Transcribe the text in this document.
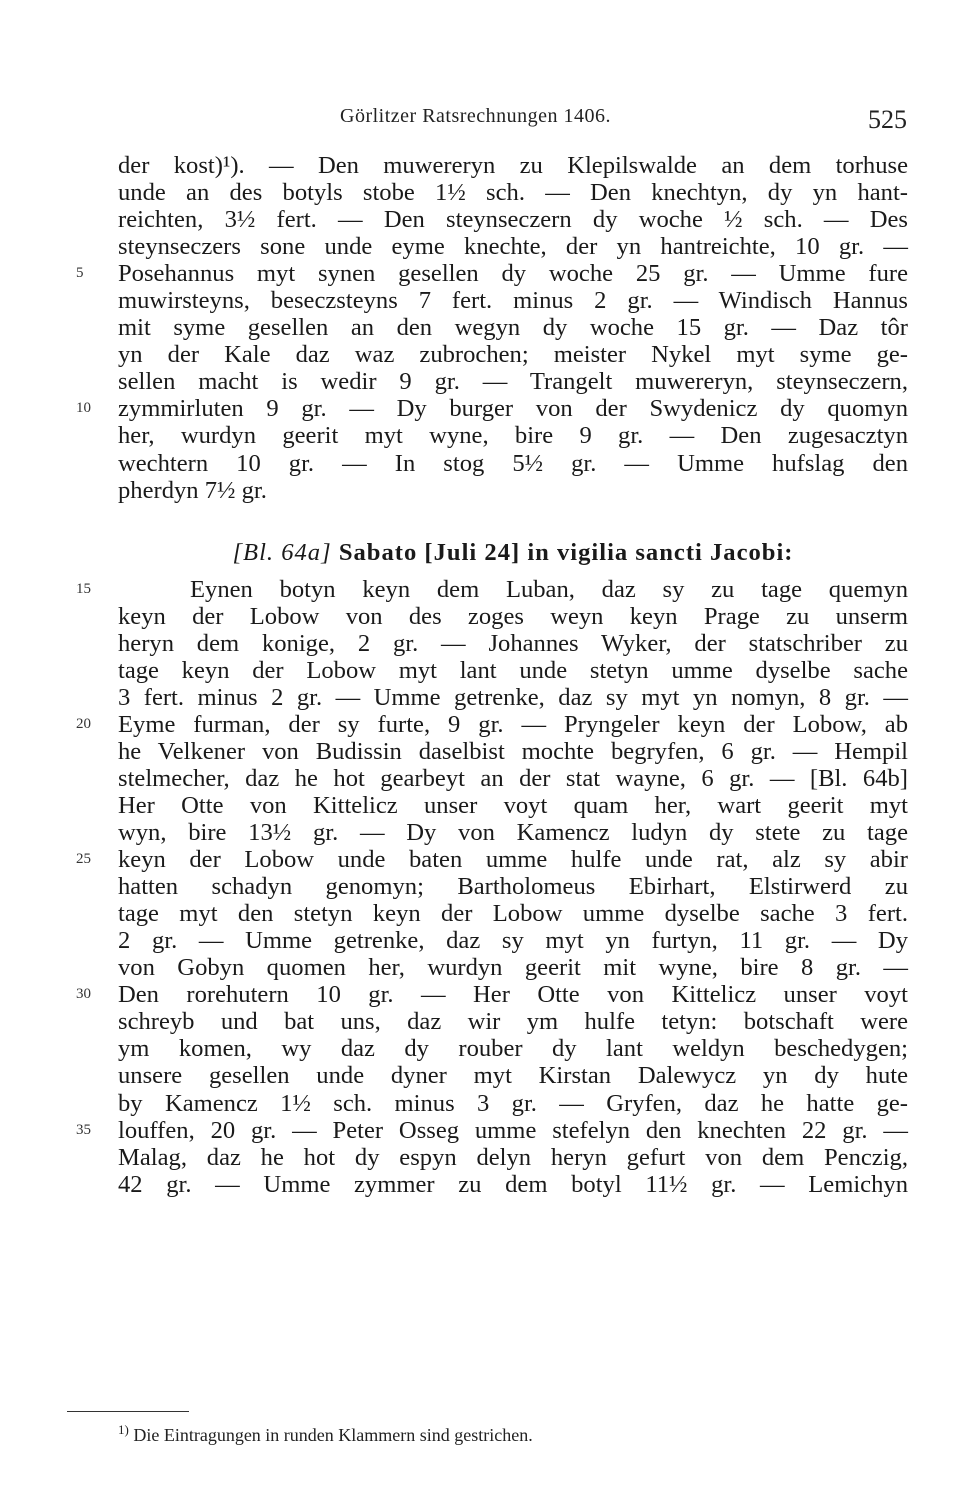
Görlitzer Ratsrechnungen 1406.	525
der kost)¹). — Den muwereryn zu Klepilswalde an dem torhuse
unde an des botyls stobe 1½ sch. — Den knechtyn, dy yn hant-
reichten, 3½ fert. — Den steynseczern dy woche ½ sch. — Des
steynseczers sone unde eyme knechte, der yn hantreichte, 10 gr. —
5	Posehannus myt synen gesellen dy woche 25 gr. — Umme fure
muwirsteyns, beseczsteyns 7 fert. minus 2 gr. — Windisch Hannus
mit syme gesellen an den wegyn dy woche 15 gr. — Daz tôr
yn der Kale daz waz zubrochen; meister Nykel myt syme ge-
sellen macht is wedir 9 gr. — Trangelt muwereryn, steynseczern,
10	zymmirluten 9 gr. — Dy burger von der Swydenicz dy quomyn
her, wurdyn geerit myt wyne, bire 9 gr. — Den zugesacztyn
wechtern 10 gr. — In stog 5½ gr. — Umme hufslag den
pherdyn 7½ gr.
[Bl. 64a] Sabato [Juli 24] in vigilia sancti Jacobi:
15	Eynen botyn keyn dem Luban, daz sy zu tage quemyn
keyn der Lobow von des zoges weyn keyn Prage zu unserm
heryn dem konige, 2 gr. — Johannes Wyker, der statschriber zu
tage keyn der Lobow myt lant unde stetyn umme dyselbe sache
3 fert. minus 2 gr. — Umme getrenke, daz sy myt yn nomyn, 8 gr. —
20	Eyme furman, der sy furte, 9 gr. — Pryngeler keyn der Lobow, ab
he Velkener von Budissin daselbist mochte begryfen, 6 gr. — Hempil
stelmecher, daz he hot gearbeyt an der stat wayne, 6 gr. — [Bl. 64b]
Her Otte von Kittelicz unser voyt quam her, wart geerit myt
wyn, bire 13½ gr. — Dy von Kamencz ludyn dy stete zu tage
25	keyn der Lobow unde baten umme hulfe unde rat, alz sy abir
hatten schadyn genomyn; Bartholomeus Ebirhart, Elstirwerd zu
tage myt den stetyn keyn der Lobow umme dyselbe sache 3 fert.
2 gr. — Umme getrenke, daz sy myt yn furtyn, 11 gr. — Dy
von Gobyn quomen her, wurdyn geerit mit wyne, bire 8 gr. —
30	Den rorehutern 10 gr. — Her Otte von Kittelicz unser voyt
schreyb und bat uns, daz wir ym hulfe tetyn: botschaft were
ym komen, wy daz dy rouber dy lant weldyn beschedygen;
unsere gesellen unde dyner myt Kirstan Dalewycz yn dy hute
by Kamencz 1½ sch. minus 3 gr. — Gryfen, daz he hatte ge-
35	louffen, 20 gr. — Peter Osseg umme stefelyn den knechten 22 gr. —
Malag, daz he hot dy espyn delyn heryn gefurt von dem Penczig,
42 gr. — Umme zymmer zu dem botyl 11½ gr. — Lemichyn
$^{1)}$ Die Eintragungen in runden Klammern sind gestrichen.
